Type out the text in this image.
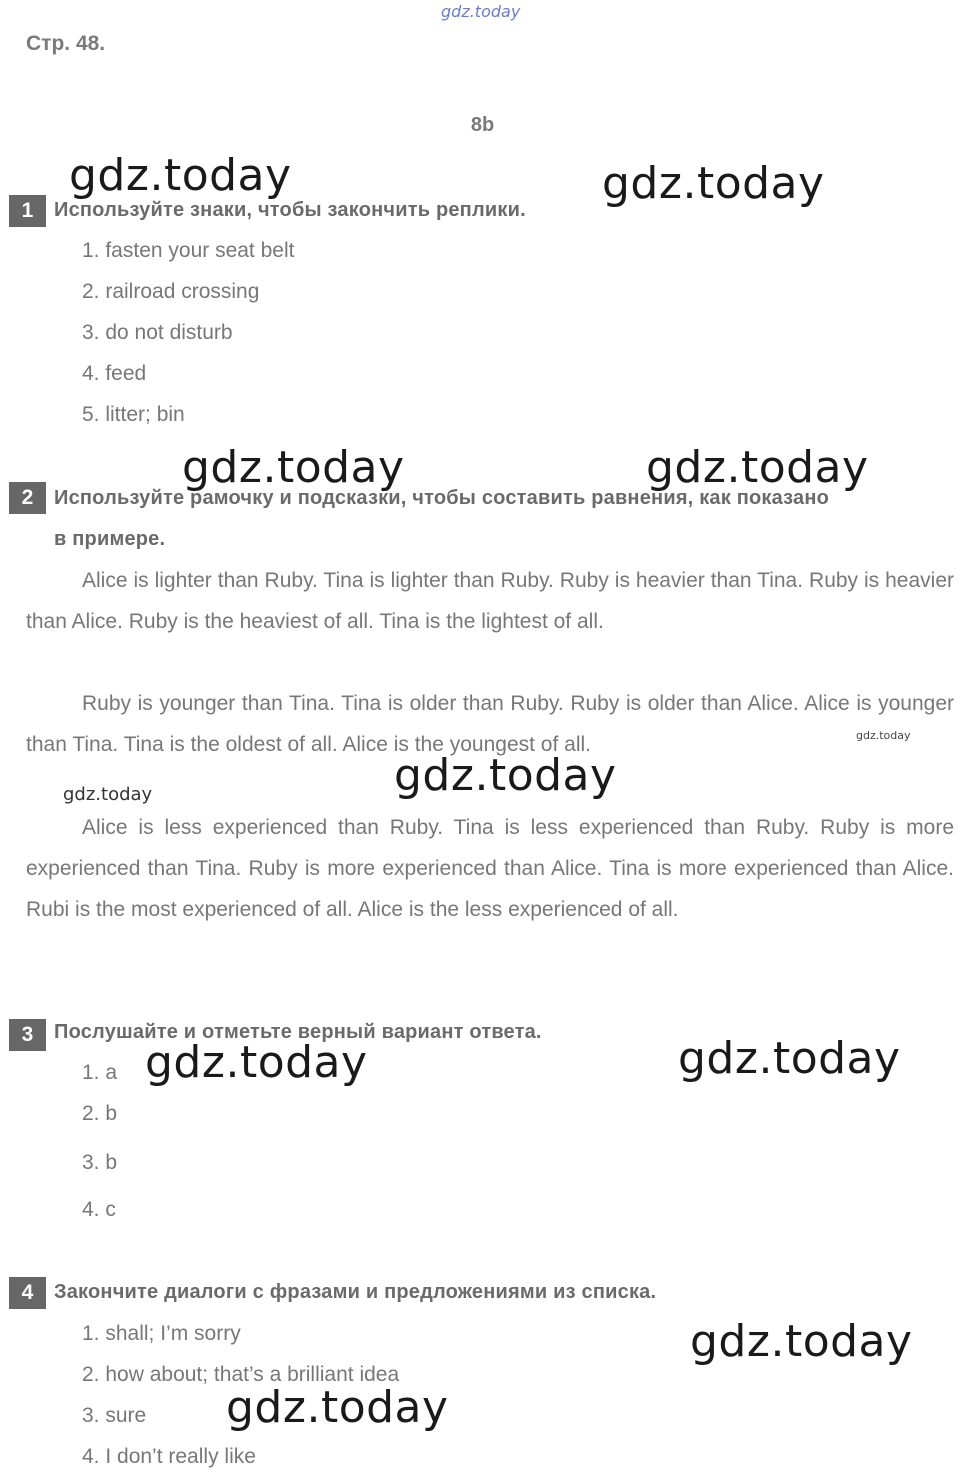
gdz.today
Стр. 48.
8b
1	Используйте знаки, чтобы закончить реплики.
1. fasten your seat belt
2. railroad crossing
3. do not disturb
4. feed
5. litter; bin
2	Используйте рамочку и подсказки, чтобы составить равнения, как показано
в примере.
Alice is lighter than Ruby. Tina is lighter than Ruby. Ruby is heavier than Tina. Ruby is heavier than Alice. Ruby is the heaviest of all. Tina is the lightest of all.
Ruby is younger than Tina. Tina is older than Ruby. Ruby is older than Alice. Alice is younger than Tina. Tina is the oldest of all. Alice is the youngest of all.
Alice is less experienced than Ruby. Tina is less experienced than Ruby. Ruby is more experienced than Tina. Ruby is more experienced than Alice. Tina is more experienced than Alice. Rubi is the most experienced of all. Alice is the less experienced of all.
3	Послушайте и отметьте верный вариант ответа.
1. a
2. b
3. b
4. c
4	Закончите диалоги с фразами и предложениями из списка.
1. shall; I’m sorry
2. how about; that’s a brilliant idea
3. sure
4. I don’t really like
gdz.today	gdz.today
gdz.today	gdz.today
gdz.today
gdz.today
gdz.today
gdz.today	gdz.today
gdz.today
gdz.today
